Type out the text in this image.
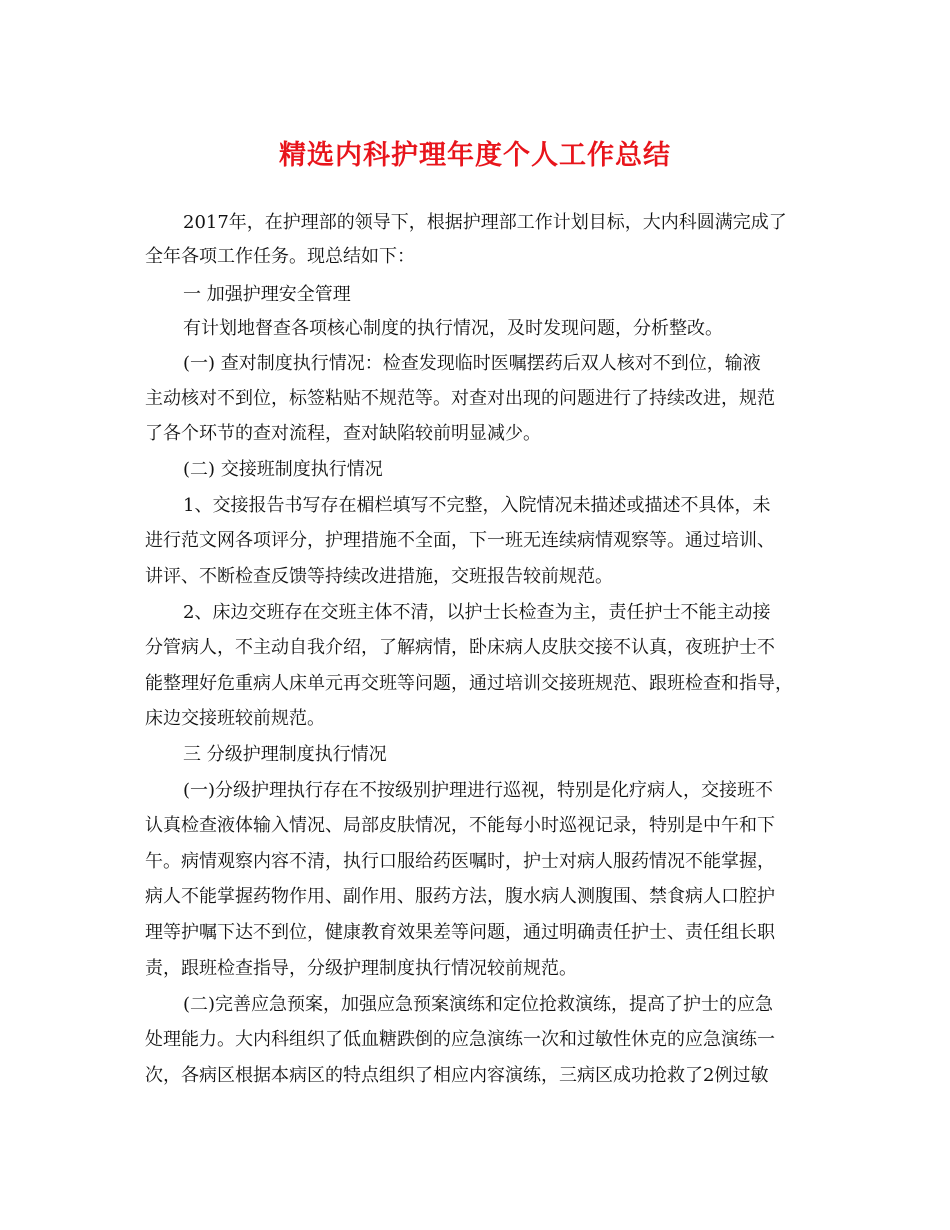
精选内科护理年度个人工作总结
2017年，在护理部的领导下，根据护理部工作计划目标，大内科圆满完成了
全年各项工作任务。现总结如下：
一 加强护理安全管理
有计划地督查各项核心制度的执行情况，及时发现问题，分析整改。
(一) 查对制度执行情况：检查发现临时医嘱摆药后双人核对不到位，输液
主动核对不到位，标签粘贴不规范等。对查对出现的问题进行了持续改进，规范
了各个环节的查对流程，查对缺陷较前明显减少。
(二) 交接班制度执行情况
1、交接报告书写存在楣栏填写不完整，入院情况未描述或描述不具体，未
进行范文网各项评分，护理措施不全面，下一班无连续病情观察等。通过培训、
讲评、不断检查反馈等持续改进措施，交班报告较前规范。
2、床边交班存在交班主体不清，以护士长检查为主，责任护士不能主动接
分管病人，不主动自我介绍，了解病情，卧床病人皮肤交接不认真，夜班护士不
能整理好危重病人床单元再交班等问题，通过培训交接班规范、跟班检查和指导，
床边交接班较前规范。
三 分级护理制度执行情况
(一)分级护理执行存在不按级别护理进行巡视，特别是化疗病人，交接班不
认真检查液体输入情况、局部皮肤情况，不能每小时巡视记录，特别是中午和下
午。病情观察内容不清，执行口服给药医嘱时，护士对病人服药情况不能掌握，
病人不能掌握药物作用、副作用、服药方法，腹水病人测腹围、禁食病人口腔护
理等护嘱下达不到位，健康教育效果差等问题，通过明确责任护士、责任组长职
责，跟班检查指导，分级护理制度执行情况较前规范。
(二)完善应急预案，加强应急预案演练和定位抢救演练，提高了护士的应急
处理能力。大内科组织了低血糖跌倒的应急演练一次和过敏性休克的应急演练一
次，各病区根据本病区的特点组织了相应内容演练，三病区成功抢救了2例过敏
